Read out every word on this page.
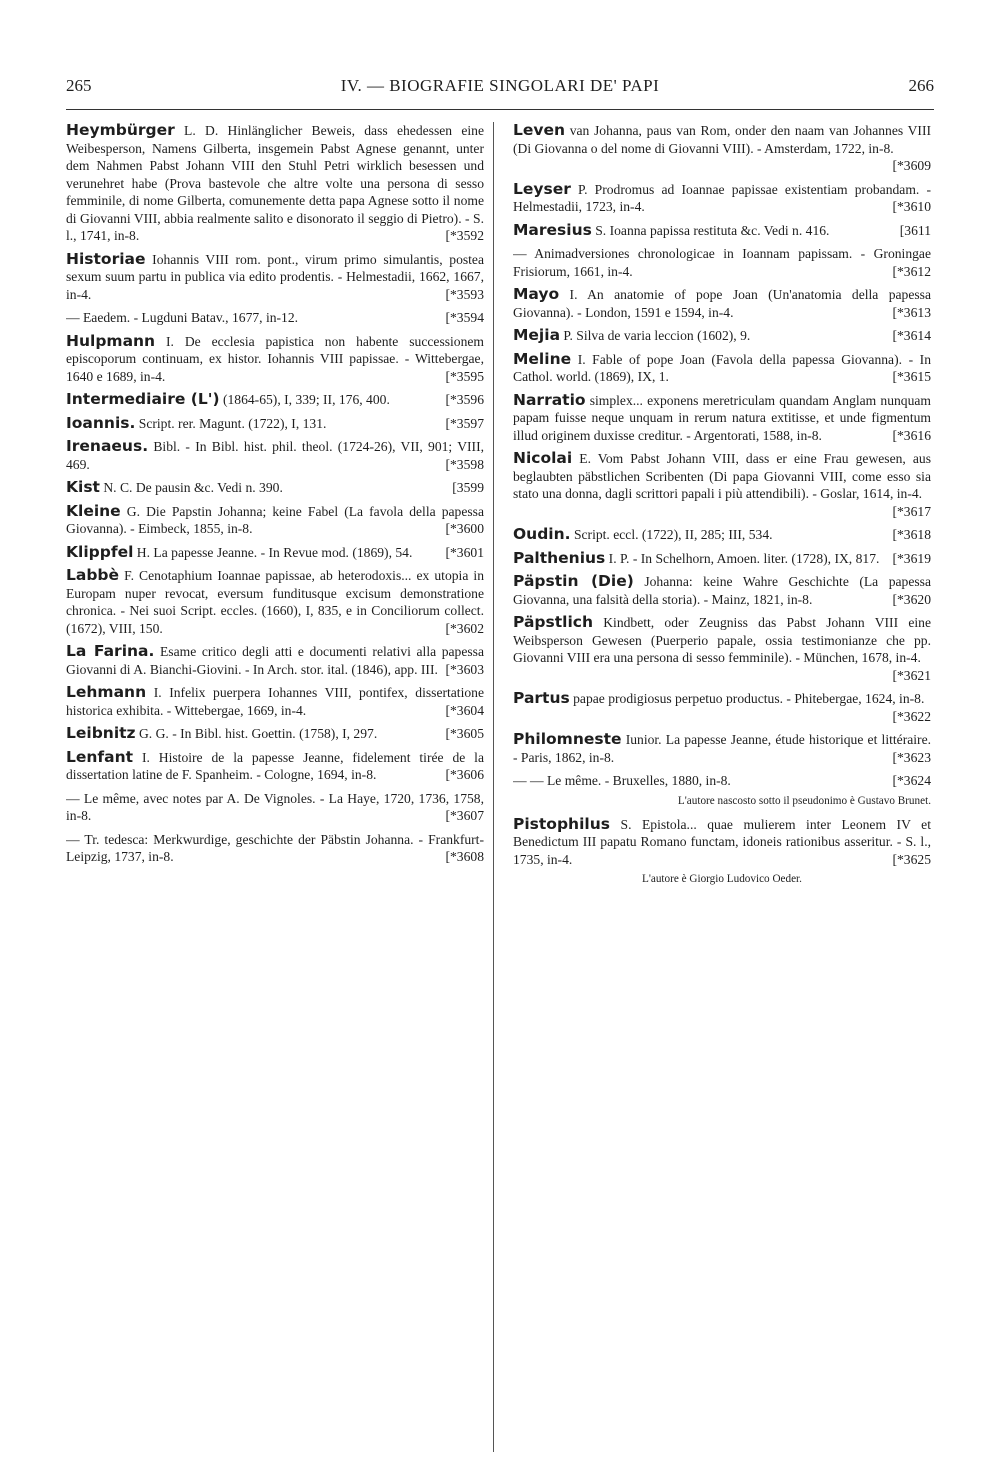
265	IV. — BIOGRAFIE SINGOLARI DE' PAPI	266

Heymbürger L. D. Hinlänglicher Beweis, dass ehedessen eine Weibesperson, Namens Gilberta, insgemein Pabst Agnese genannt, unter dem Nahmen Pabst Johann VIII den Stuhl Petri wirklich besessen und verunehret habe (Prova bastevole che altre volte una persona di sesso femminile, di nome Gilberta, comunemente detta papa Agnese sotto il nome di Giovanni VIII, abbia realmente salito e disonorato il seggio di Pietro). - S. l., 1741, in-8.	[*3592

Historiae Iohannis VIII rom. pont., virum primo simulantis, postea sexum suum partu in publica via edito prodentis. - Helmestadii, 1662, 1667, in-4.	[*3593

— Eaedem. - Lugduni Batav., 1677, in-12.	[*3594

Hulpmann I. De ecclesia papistica non habente successionem episcoporum continuam, ex histor. Iohannis VIII papissae. - Wittebergae, 1640 e 1689, in-4.	[*3595

Intermediaire (L') (1864-65), I, 339; II, 176, 400.	[*3596

Ioannis. Script. rer. Magunt. (1722), I, 131.	[*3597

Irenaeus. Bibl. - In Bibl. hist. phil. theol. (1724-26), VII, 901; VIII, 469.	[*3598

Kist N. C. De pausin &c. Vedi n. 390.	[3599

Kleine G. Die Papstin Johanna; keine Fabel (La favola della papessa Giovanna). - Eimbeck, 1855, in-8.	[*3600

Klippfel H. La papesse Jeanne. - In Revue mod. (1869), 54. [*3601

Labbè F. Cenotaphium Ioannae papissae, ab heterodoxis... ex utopia in Europam nuper revocat, eversum funditusque excisum demonstratione chronica. - Nei suoi Script. eccles. (1660), I, 835, e in Conciliorum collect. (1672), VIII, 150.	[*3602

La Farina. Esame critico degli atti e documenti relativi alla papessa Giovanni di A. Bianchi-Giovini. - In Arch. stor. ital. (1846), app. III. [*3603

Lehmann I. Infelix puerpera Iohannes VIII, pontifex, dissertatione historica exhibita. - Wittebergae, 1669, in-4.	[*3604

Leibnitz G. G. - In Bibl. hist. Goettin. (1758), I, 297.	[*3605

Lenfant I. Histoire de la papesse Jeanne, fidelement tirée de la dissertation latine de F. Spanheim. - Cologne, 1694, in-8.	[*3606

— Le même, avec notes par A. De Vignoles. - La Haye, 1720, 1736, 1758, in-8.	[*3607

— Tr. tedesca: Merkwurdige, geschichte der Päbstin Johanna. - Frankfurt-Leipzig, 1737, in-8.	[*3608

Leven van Johanna, paus van Rom, onder den naam van Johannes VIII (Di Giovanna o del nome di Giovanni VIII). - Amsterdam, 1722, in-8.
[*3609

Leyser P. Prodromus ad Ioannae papissae existentiam probandam. - Helmestadii, 1723, in-4.	[*3610

Maresius S. Ioanna papissa restituta &c. Vedi n. 416.	[3611

— Animadversiones chronologicae in Ioannam papissam. - Groningae Frisiorum, 1661, in-4.	[*3612

Mayo I. An anatomie of pope Joan (Un'anatomia della papessa Giovanna). - London, 1591 e 1594, in-4.	[*3613

Mejia P. Silva de varia leccion (1602), 9.	[*3614

Meline I. Fable of pope Joan (Favola della papessa Giovanna). - In Cathol. world. (1869), IX, 1.	[*3615

Narratio simplex... exponens meretriculam quandam Anglam nunquam papam fuisse neque unquam in rerum natura extitisse, et unde figmentum illud originem duxisse creditur. - Argentorati, 1588, in-8.	[*3616

Nicolai E. Vom Pabst Johann VIII, dass er eine Frau gewesen, aus beglaubten päbstlichen Scribenten (Di papa Giovanni VIII, come esso sia stato una donna, dagli scrittori papali i più attendibili). - Goslar, 1614, in-4.
[*3617

Oudin. Script. eccl. (1722), II, 285; III, 534.	[*3618

Palthenius I. P. - In Schelhorn, Amoen. liter. (1728), IX, 817. [*3619

Päpstin (Die) Johanna: keine Wahre Geschichte (La papessa Giovanna, una falsità della storia). - Mainz, 1821, in-8.	[*3620

Päpstlich Kindbett, oder Zeugniss das Pabst Johann VIII eine Weibsperson Gewesen (Puerperio papale, ossia testimonianze che pp. Giovanni VIII era una persona di sesso femminile). - München, 1678, in-4.
[*3621

Partus papae prodigiosus perpetuo productus. - Phitebergae, 1624, in-8.
[*3622

Philomneste Iunior. La papesse Jeanne, étude historique et littéraire. - Paris, 1862, in-8.	[*3623

— — Le même. - Bruxelles, 1880, in-8.	[*3624

L'autore nascosto sotto il pseudonimo è Gustavo Brunet.

Pistophilus S. Epistola... quae mulierem inter Leonem IV et Benedictum III papatu Romano functam, idoneis rationibus asseritur. - S. l., 1735, in-4.	[*3625

L'autore è Giorgio Ludovico Oeder.
